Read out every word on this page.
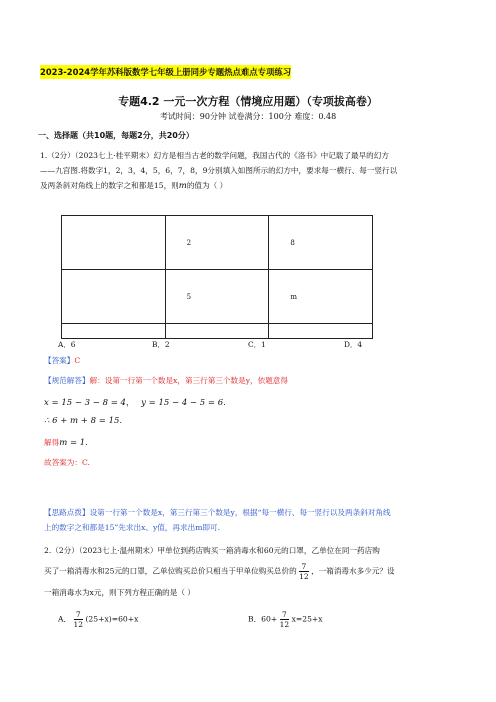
2023-2024学年苏科版数学七年级上册同步专题热点难点专项练习
专题4.2 一元一次方程（情境应用题）（专项拔高卷）
考试时间：90分钟 试卷满分：100分 难度：0.48
一、选择题（共10题，每题2分，共20分）
1.（2分）（2023七上·桂平期末）幻方是相当古老的数学问题，我国古代的《洛书》中记载了最早的幻方
——九宫图.将数字1，2，3，4，5，6，7，8，9分别填入如图所示的幻方中，要求每一横行、每一竖行以
及两条斜对角线上的数字之和都是15，则m的值为（ ）
	2	8
	5	m

A．6	B．2	C．1	D．4
【答案】C
【规范解答】解：设第一行第一个数是x，第三行第三个数是y，依题意得
x = 15 − 3 − 8 = 4， y = 15 − 4 − 5 = 6.
∴ 6 + m + 8 = 15.
解得m = 1.
故答案为：C.
【思路点拨】设第一行第一个数是x，第三行第三个数是y，根据“每一横行、每一竖行以及两条斜对角线
上的数字之和都是15”先求出x、y值，再求出m即可.
2.（2分）（2023七上·温州期末）甲单位到药店购买一箱消毒水和60元的口罩，乙单位在同一药店购
买了一箱消毒水和25元的口罩，乙单位购买总价只相当于甲单位购买总价的 $\frac{7}{12}$ ，一箱消毒水多少元？设
一箱消毒水为x元，则下列方程正确的是（ ）
A． $\frac{7}{12} (25+x)=60+x$	B．$60+ \frac{7}{12} x=25+x$
